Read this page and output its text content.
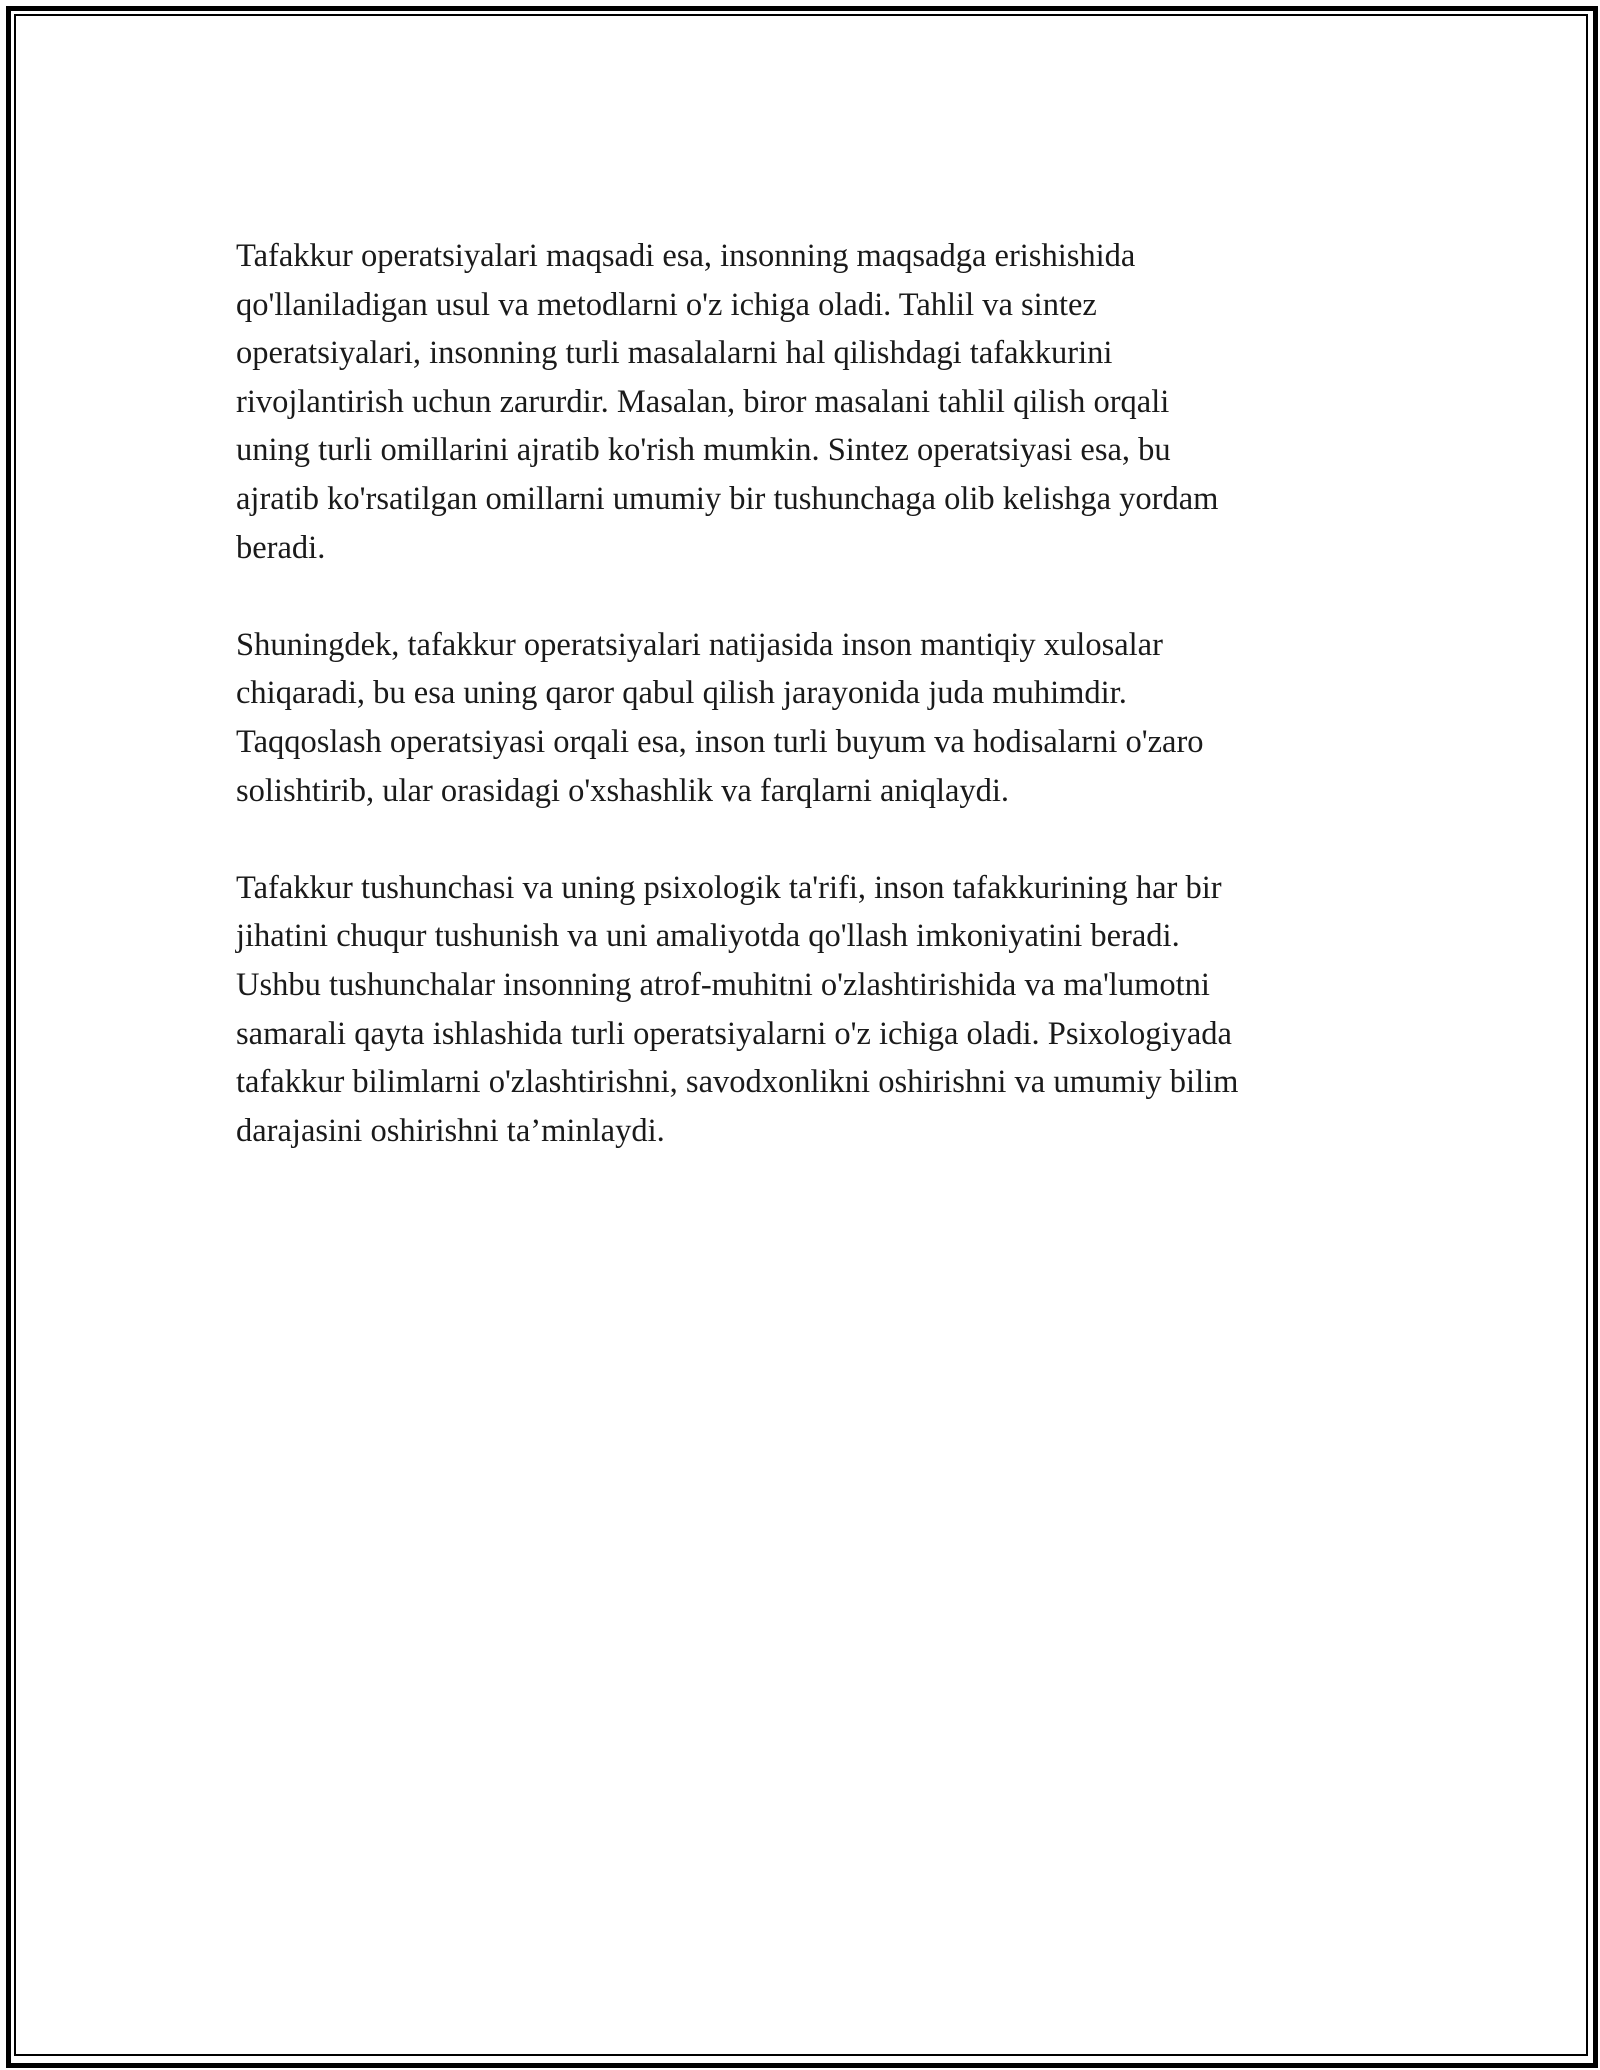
Tafakkur operatsiyalari maqsadi esa, insonning maqsadga erishishida
qo'llaniladigan usul va metodlarni o'z ichiga oladi. Tahlil va sintez
operatsiyalari, insonning turli masalalarni hal qilishdagi tafakkurini
rivojlantirish uchun zarurdir. Masalan, biror masalani tahlil qilish orqali
uning turli omillarini ajratib ko'rish mumkin. Sintez operatsiyasi esa, bu
ajratib ko'rsatilgan omillarni umumiy bir tushunchaga olib kelishga yordam
beradi.

Shuningdek, tafakkur operatsiyalari natijasida inson mantiqiy xulosalar
chiqaradi, bu esa uning qaror qabul qilish jarayonida juda muhimdir.
Taqqoslash operatsiyasi orqali esa, inson turli buyum va hodisalarni o'zaro
solishtirib, ular orasidagi o'xshashlik va farqlarni aniqlaydi.

Tafakkur tushunchasi va uning psixologik ta'rifi, inson tafakkurining har bir
jihatini chuqur tushunish va uni amaliyotda qo'llash imkoniyatini beradi.
Ushbu tushunchalar insonning atrof-muhitni o'zlashtirishida va ma'lumotni
samarali qayta ishlashida turli operatsiyalarni o'z ichiga oladi. Psixologiyada
tafakkur bilimlarni o'zlashtirishni, savodxonlikni oshirishni va umumiy bilim
darajasini oshirishni ta’minlaydi.
